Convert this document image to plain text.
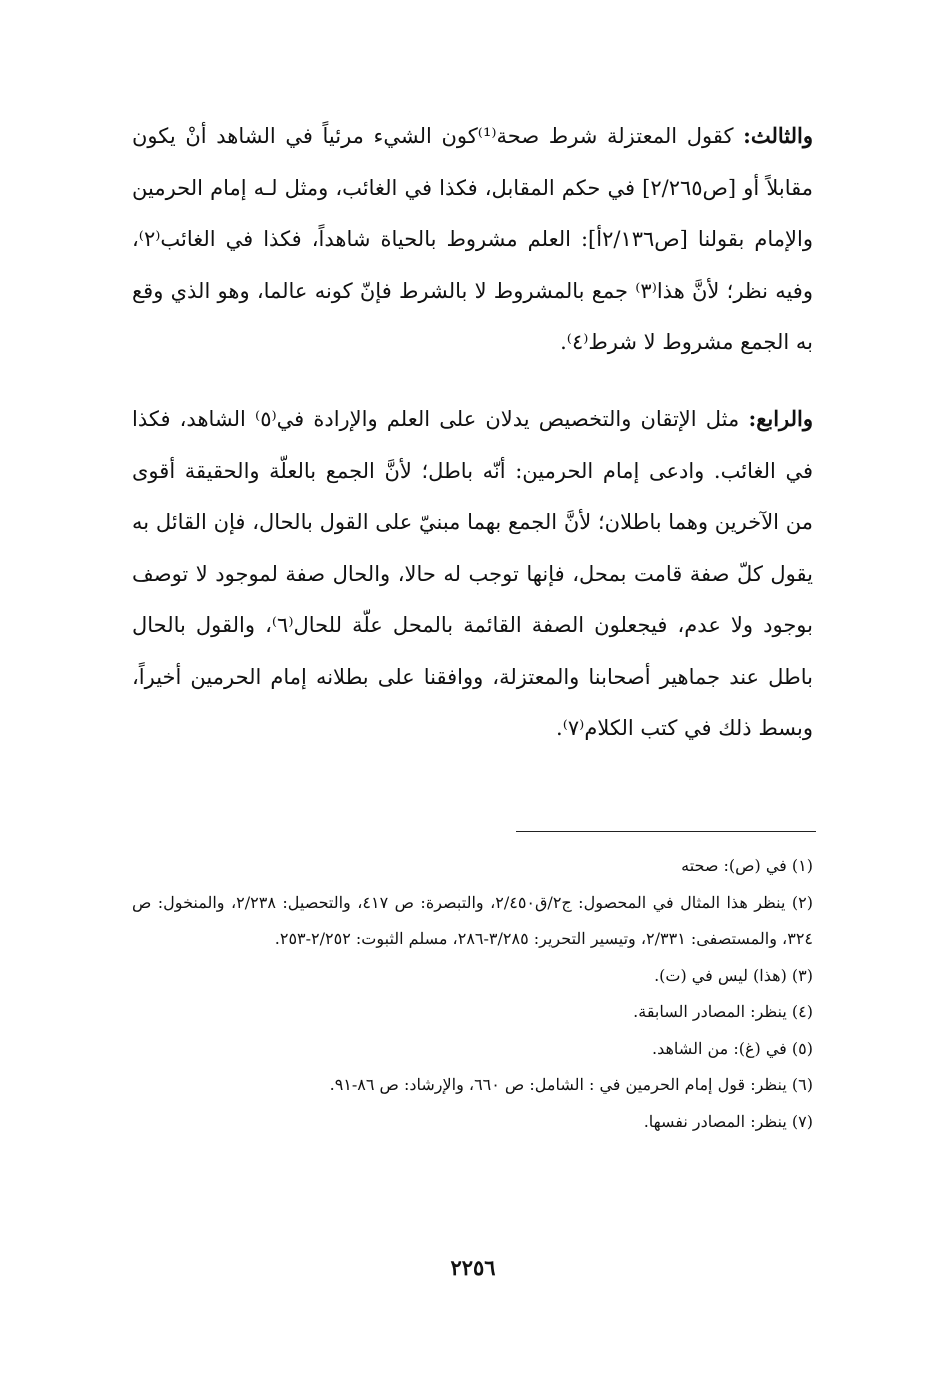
والثالث: كقول المعتزلة شرط صحة⁽¹⁾كون الشيء مرئياً في الشاهد أنْ يكون مقابلاً أو [ص٢/٢٦٥] في حكم المقابل، فكذا في الغائب، ومثل لـه إمام الحرمين والإمام بقولنا [ص٢/١٣٦أ]: العلم مشروط بالحياة شاهداً، فكذا في الغائب⁽٢⁾، وفيه نظر؛ لأنَّ هذا⁽٣⁾ جمع بالمشروط لا بالشرط فإنّ كونه عالما، وهو الذي وقع به الجمع مشروط لا شرط⁽٤⁾.

والرابع: مثل الإتقان والتخصيص يدلان على العلم والإرادة في⁽٥⁾ الشاهد، فكذا في الغائب. وادعى إمام الحرمين: أنّه باطل؛ لأنَّ الجمع بالعلّة والحقيقة أقوى من الآخرين وهما باطلان؛ لأنَّ الجمع بهما مبنيّ على القول بالحال، فإن القائل به يقول كلّ صفة قامت بمحل، فإنها توجب له حالا، والحال صفة لموجود لا توصف بوجود ولا عدم، فيجعلون الصفة القائمة بالمحل علّة للحال⁽٦⁾، والقول بالحال باطل عند جماهير أصحابنا والمعتزلة، ووافقنا على بطلانه إمام الحرمين أخيراً، وبسط ذلك في كتب الكلام⁽٧⁾.

(١) في (ص): صحته
(٢) ينظر هذا المثال في المحصول: ج٢/ق٢/٤٥٠، والتبصرة: ص ٤١٧، والتحصيل: ٢/٢٣٨، والمنخول: ص ٣٢٤، والمستصفى: ٢/٣٣١، وتيسير التحرير: ٣/٢٨٥-٢٨٦، مسلم الثبوت: ٢/٢٥٢-٢٥٣.
(٣) (هذا) ليس في (ت).
(٤) ينظر: المصادر السابقة.
(٥) في (غ): من الشاهد.
(٦) ينظر: قول إمام الحرمين في : الشامل: ص ٦٦٠، والإرشاد: ص ٨٦-٩١.
(٧) ينظر: المصادر نفسها.
٢٢٥٦
